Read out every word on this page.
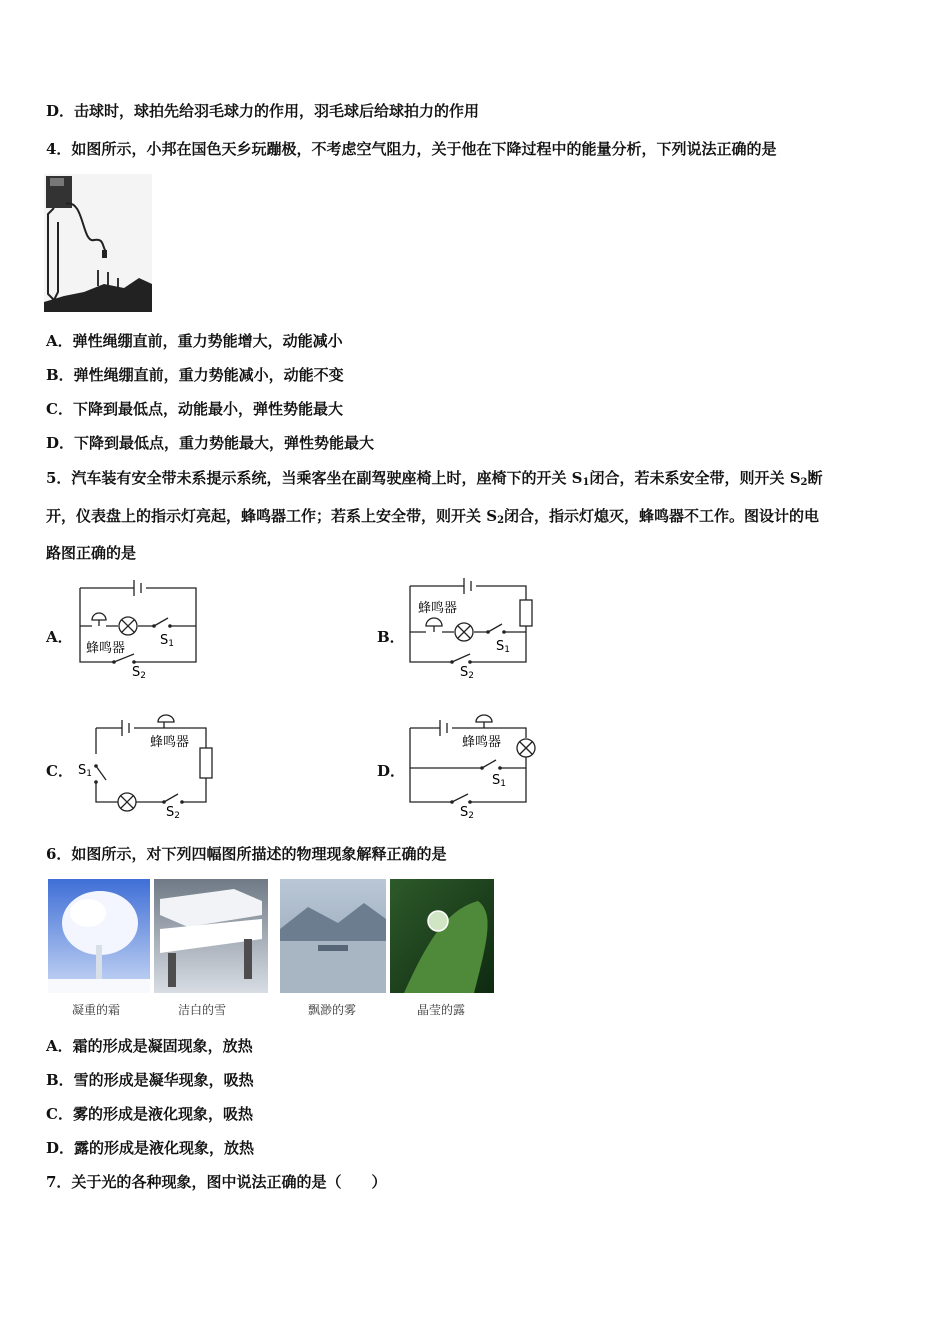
D．击球时，球拍先给羽毛球力的作用，羽毛球后给球拍力的作用
4．如图所示，小邦在国色天乡玩蹦极，不考虑空气阻力，关于他在下降过程中的能量分析，下列说法正确的是
A．弹性绳绷直前，重力势能增大，动能减小
B．弹性绳绷直前，重力势能减小，动能不变
C．下降到最低点，动能最小，弹性势能最大
D．下降到最低点，重力势能最大，弹性势能最大
5．汽车装有安全带未系提示系统，当乘客坐在副驾驶座椅上时，座椅下的开关 $S_1$闭合，若未系安全带，则开关 $S_2$断
开，仪表盘上的指示灯亮起，蜂鸣器工作；若系上安全带，则开关 $S_2$闭合，指示灯熄灭，蜂鸣器不工作。图设计的电
路图正确的是
A．
蜂鸣器
S1
S2
B．
蜂鸣器
S1
S2
C．
蜂鸣器
S1
S2
D．
蜂鸣器
S1
S2
6．如图所示，对下列四幅图所描述的物理现象解释正确的是
凝重的霜	洁白的雪	飘渺的雾	晶莹的露
A．霜的形成是凝固现象，放热
B．雪的形成是凝华现象，吸热
C．雾的形成是液化现象，吸热
D．露的形成是液化现象，放热
7．关于光的各种现象，图中说法正确的是（　　）
